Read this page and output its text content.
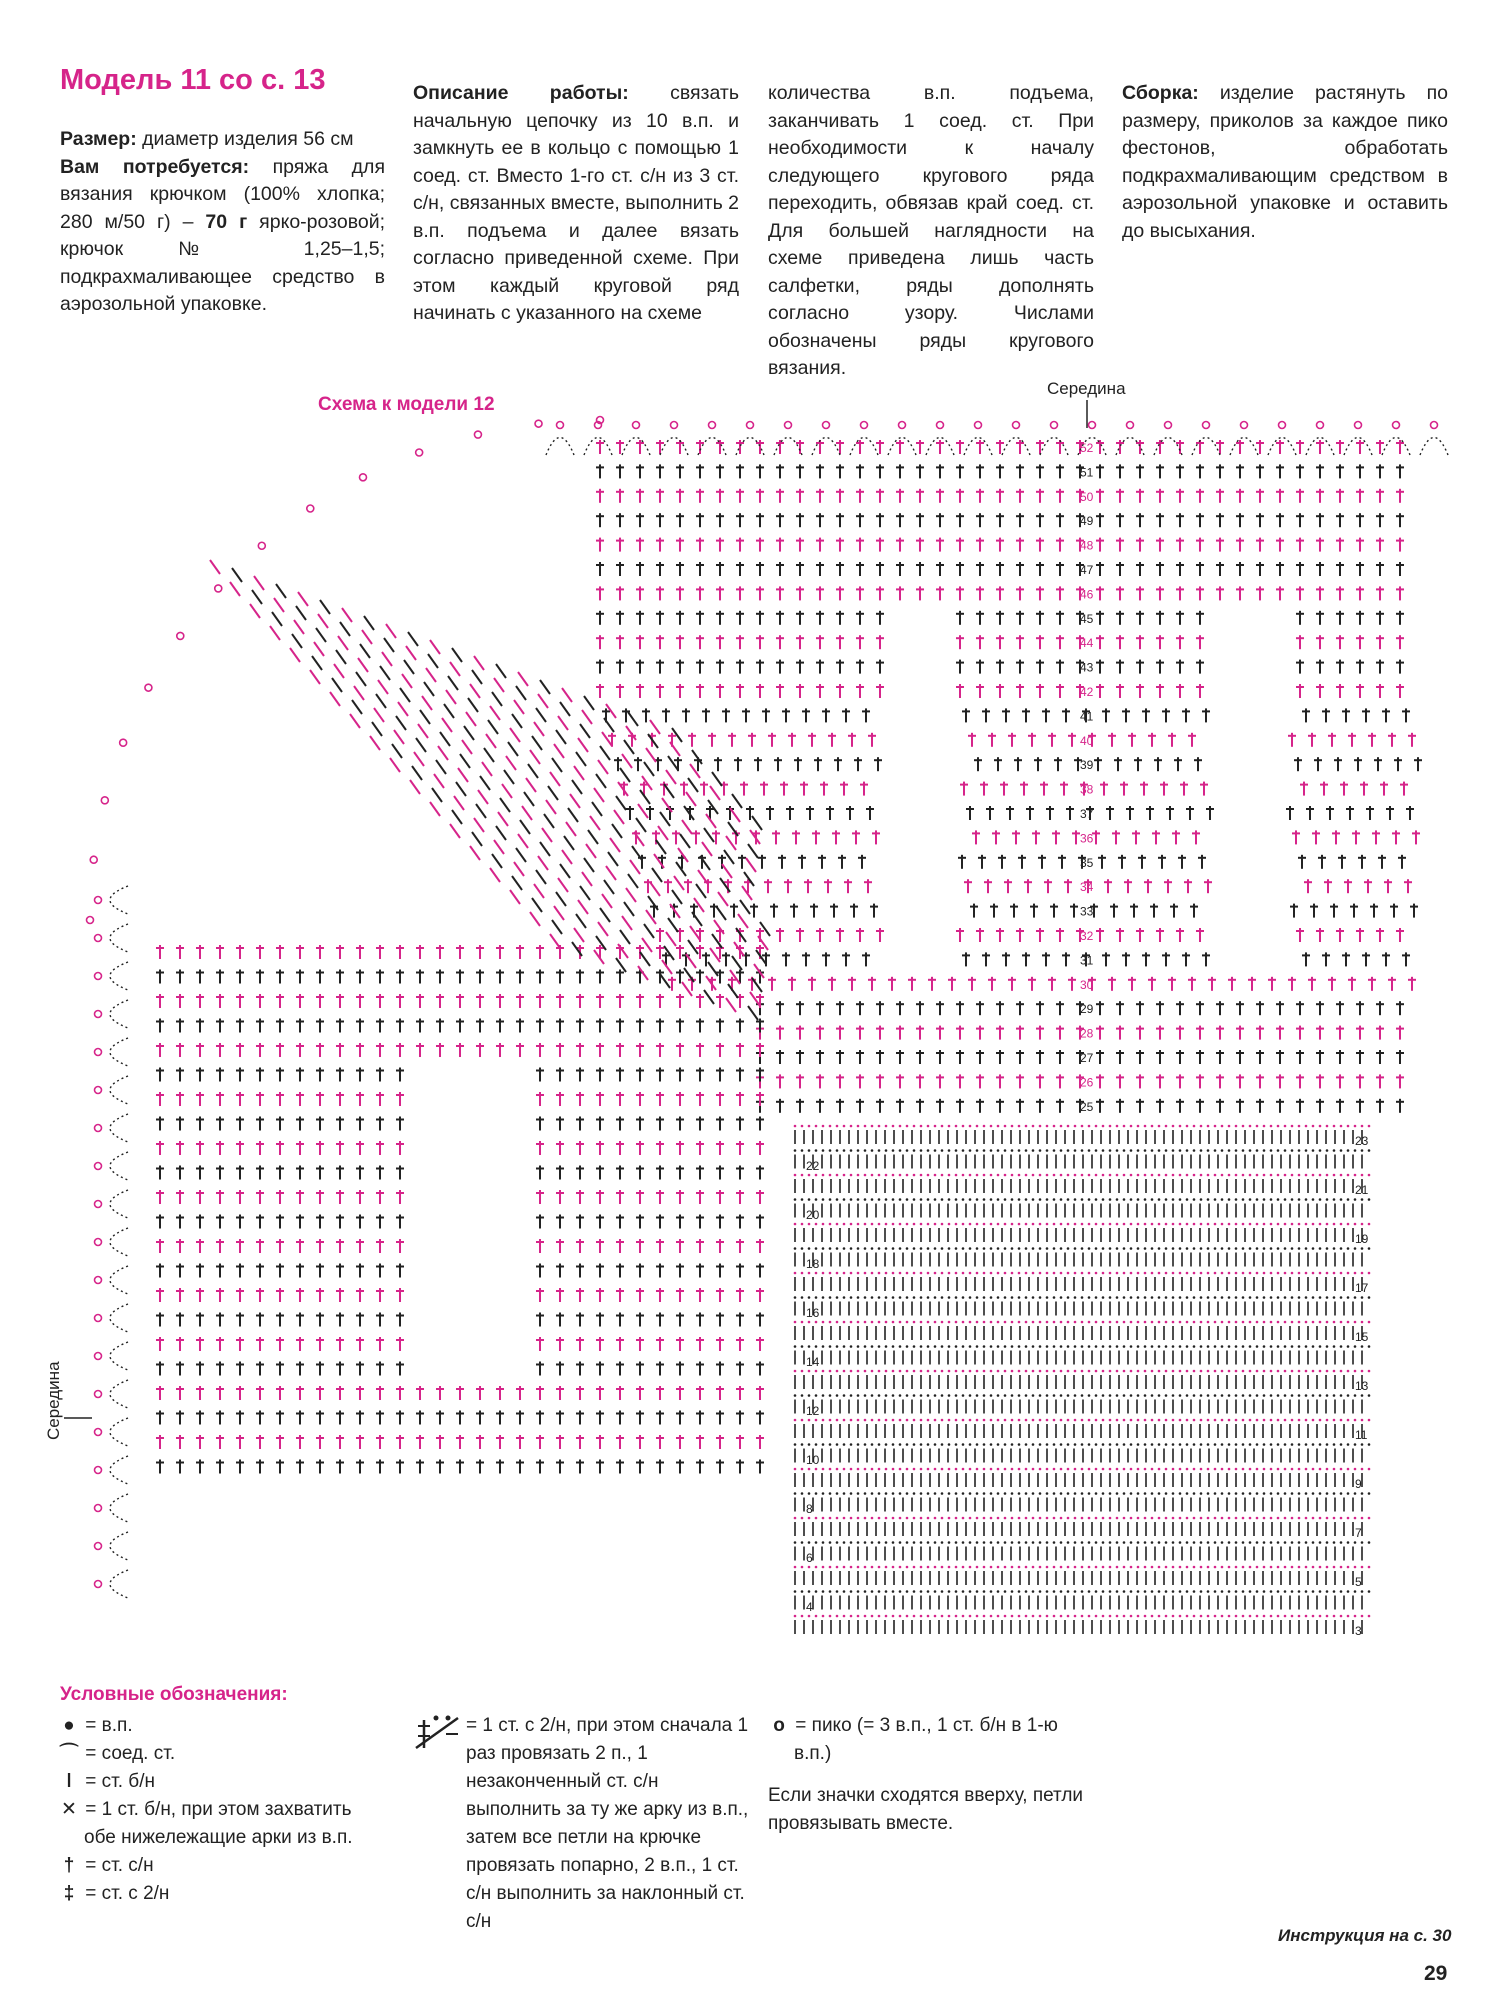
Модель 11 со с. 13
Размер: диаметр изделия 56 см
Вам потребуется: пряжа для вязания крючком (100% хлопка; 280 м/50 г) – 70 г ярко-розовой; крючок № 1,25–1,5; подкрахмаливающее средство в аэрозольной упаковке.
Описание работы: связать начальную цепочку из 10 в.п. и замкнуть ее в кольцо с помощью 1 соед. ст. Вместо 1-го ст. с/н из 3 ст. с/н, связанных вместе, выполнить 2 в.п. подъема и далее вязать согласно приведенной схеме. При этом каждый круговой ряд начинать с указанного на схеме
количества в.п. подъема, заканчивать 1 соед. ст. При необходимости к началу следующего кругового ряда переходить, обвязав край соед. ст. Для большей наглядности на схеме приведена лишь часть салфетки, ряды дополнять согласно узору. Числами обозначены ряды кругового вязания.
Сборка: изделие растянуть по размеру, приколов за каждое пико фестонов, обработать подкрахмаливающим средством в аэрозольной упаковке и оставить до высыхания.
52
51
50
49
48
47
46
45
44
43
42
41
40
39
38
37
36
35
34
33
32
31
30
29
28
27
26
25
22
20
18
16
14
12
10
8
6
4
23
21
19
17
15
13
11
9
7
5
3
Схема к модели 12
Середина
Середина
Условные обозначения:
● = в.п.
⌒ = соед. ст.
ǀ = ст. б/н
✕ = 1 ст. б/н, при этом захватить обе нижележащие арки из в.п.
† = ст. с/н
‡ = ст. с 2/н
= 1 ст. с 2/н, при этом сначала 1 раз провязать 2 п., 1 незаконченный ст. с/н выполнить за ту же арку из в.п., затем все петли на крючке провязать попарно, 2 в.п., 1 ст. с/н выполнить за наклонный ст. с/н
o = пико (= 3 в.п., 1 ст. б/н в 1-ю в.п.)
Если значки сходятся вверху, петли провязывать вместе.
Инструкция на с. 30
29
